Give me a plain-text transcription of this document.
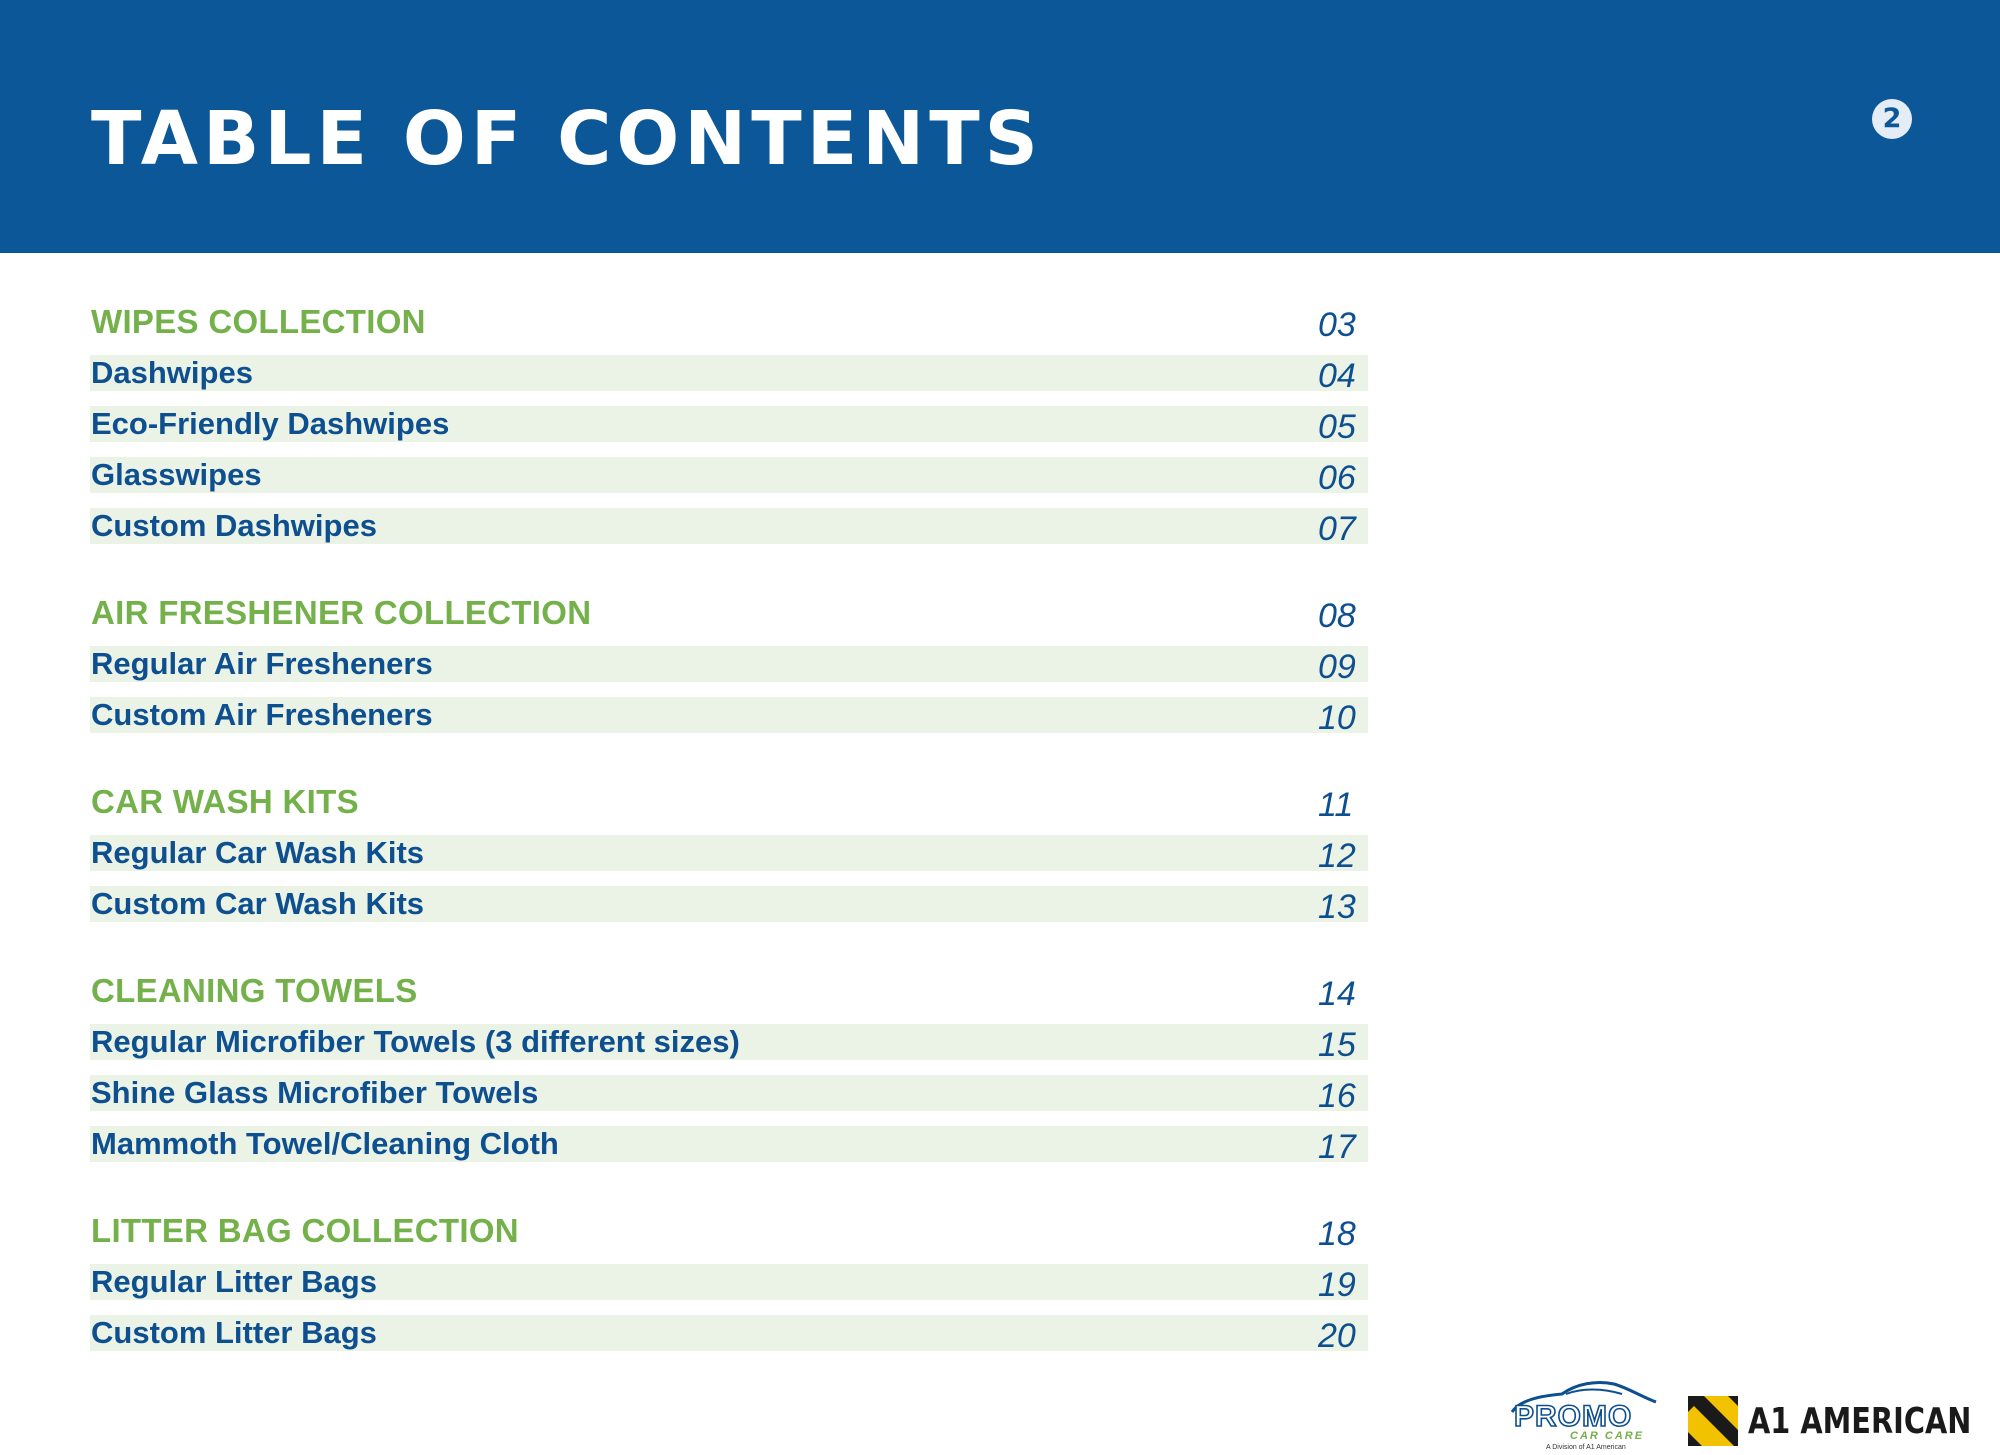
TABLE OF CONTENTS	2
WIPES COLLECTION	03
Dashwipes	04
Eco-Friendly Dashwipes	05
Glasswipes	06
Custom Dashwipes	07
AIR FRESHENER COLLECTION	08
Regular Air Fresheners	09
Custom Air Fresheners	10
CAR WASH KITS	11
Regular Car Wash Kits	12
Custom Car Wash Kits	13
CLEANING TOWELS	14
Regular Microfiber Towels (3 different sizes)	15
Shine Glass Microfiber Towels	16
Mammoth Towel/Cleaning Cloth	17
LITTER BAG COLLECTION	18
Regular Litter Bags	19
Custom Litter Bags	20
PROMO
CAR CARE
A Division of A1 American
A1 AMERICAN
